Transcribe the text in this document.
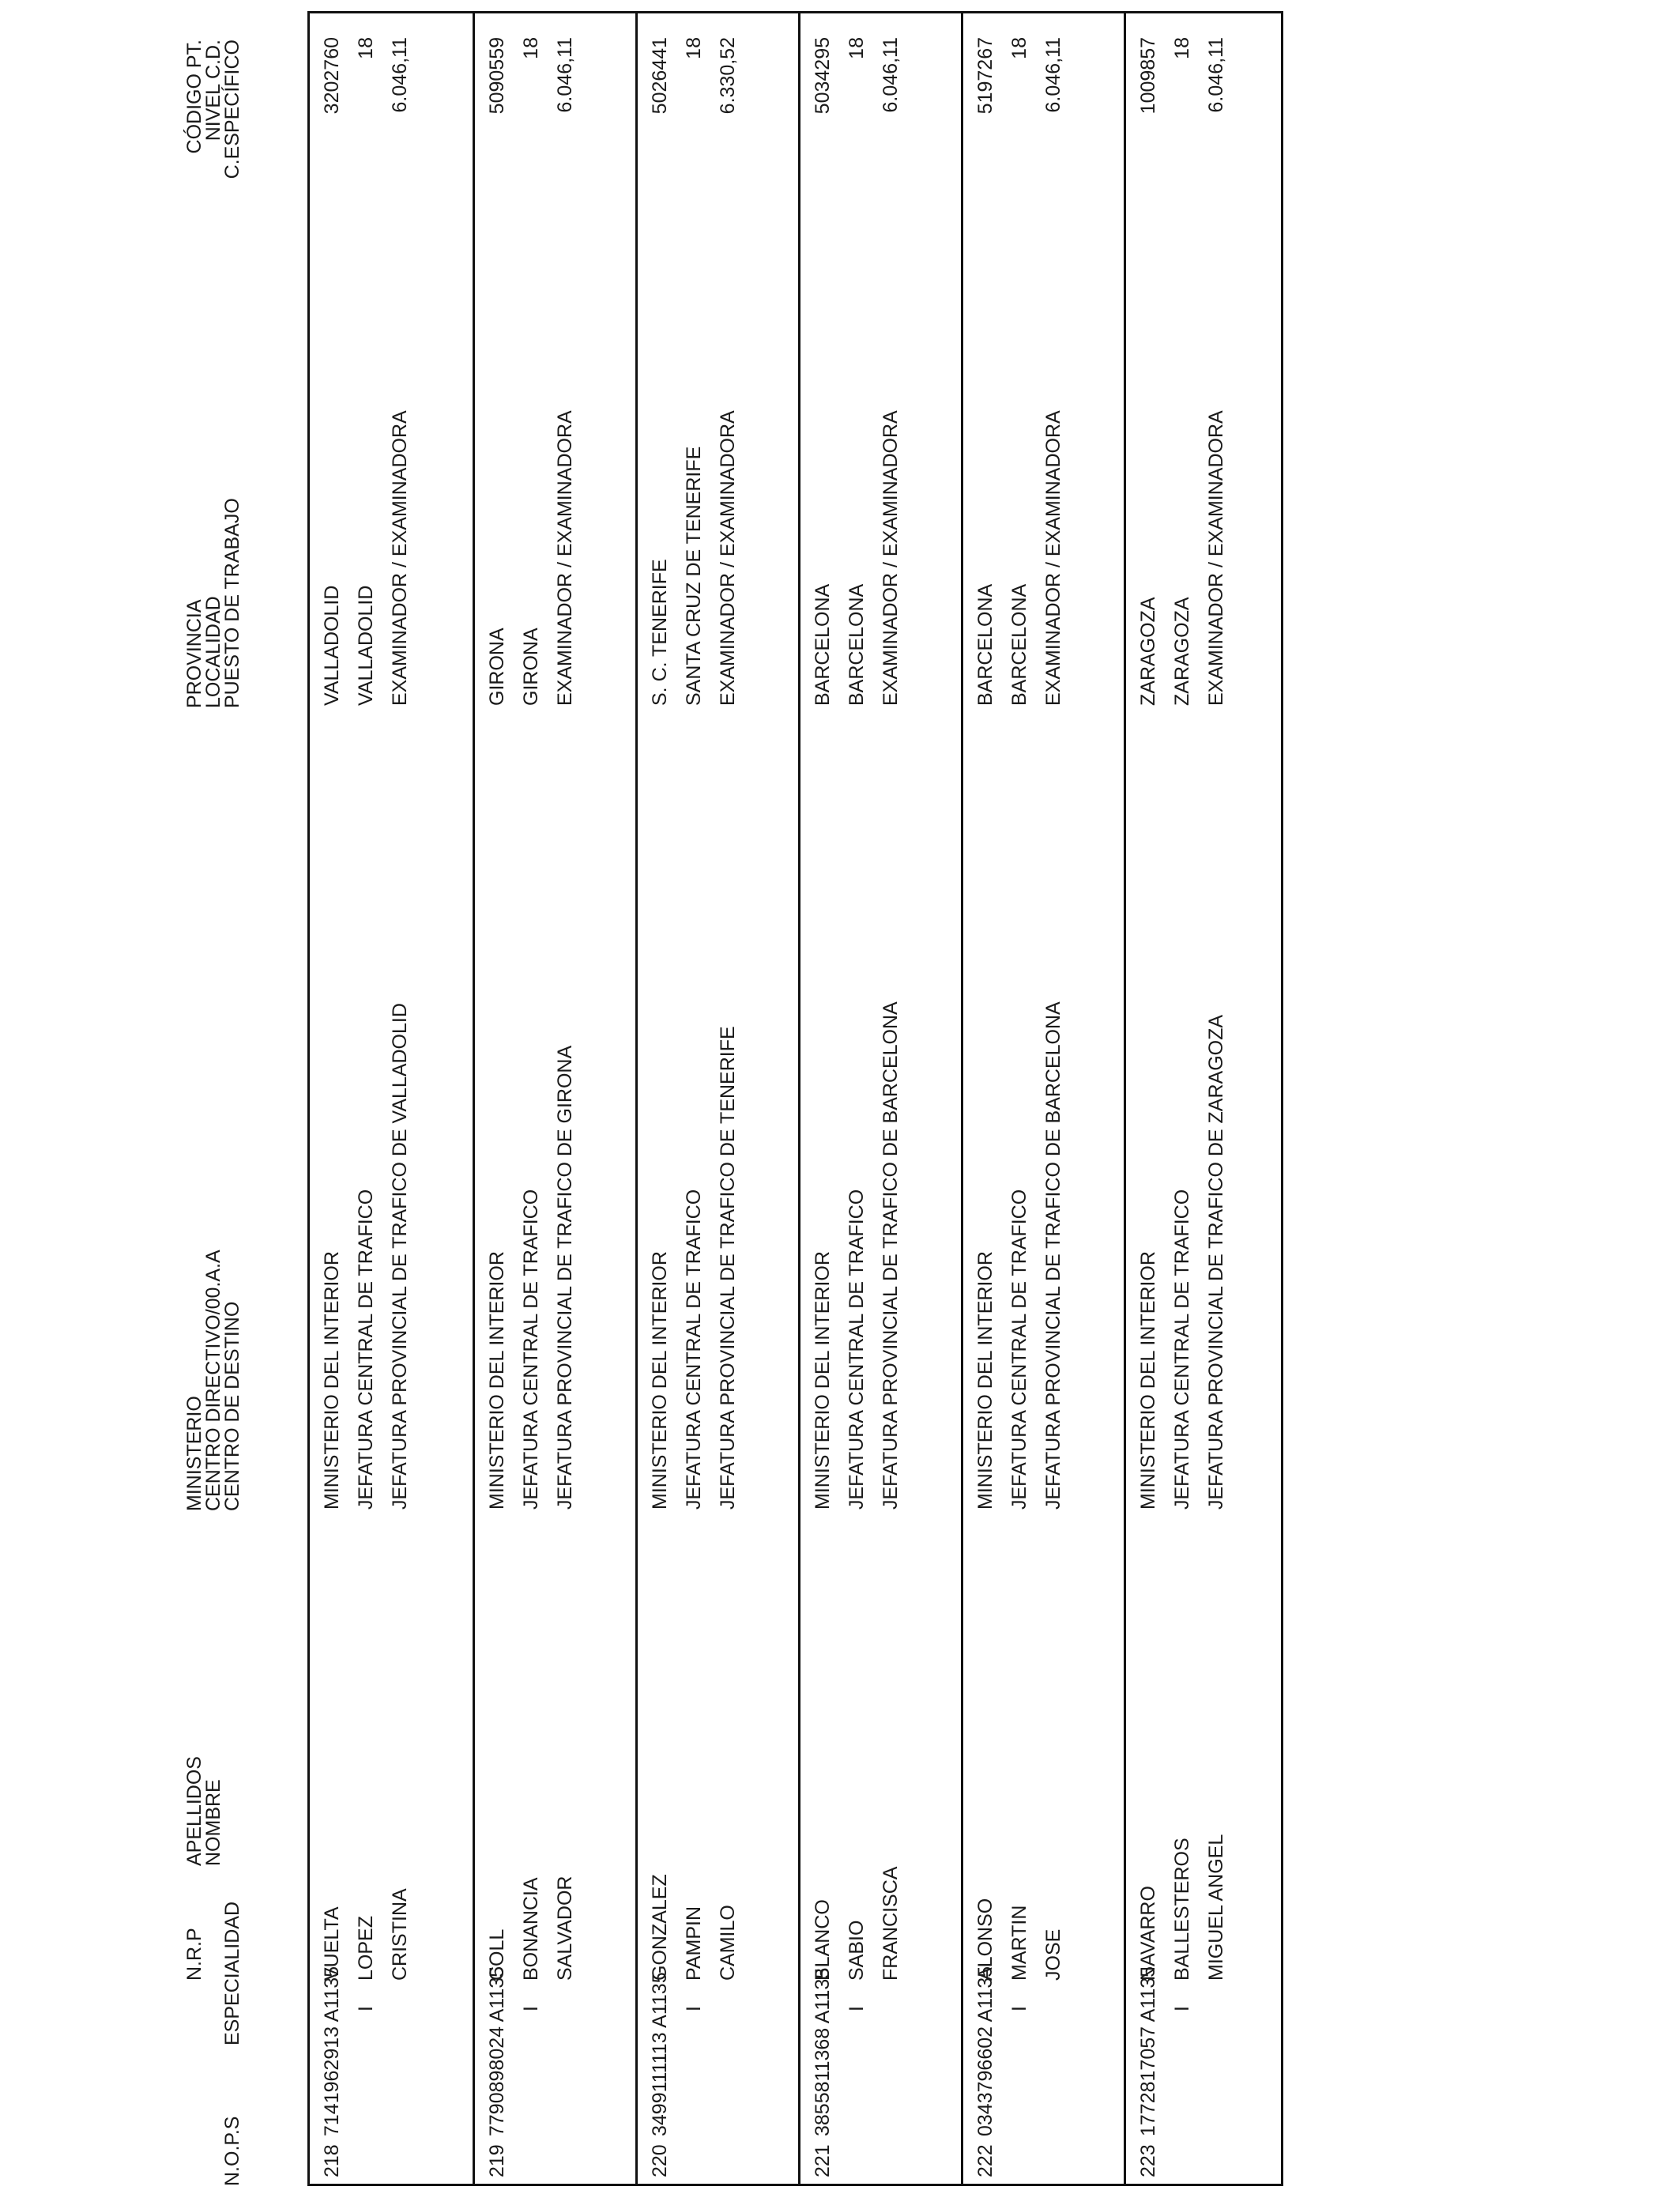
N.O.P.S
N.R.P ESPECIALIDAD
APELLIDOS
NOMBRE
MINISTERIO
CENTRO DIRECTIVO/00.A.A
CENTRO DE DESTINO
PROVINCIA
LOCALIDAD
PUESTO DE TRABAJO
CÓDIGO PT.
NIVEL C.D.
C.ESPECÍFICO
218
7141962913 A1135 I
VUELTA LOPEZ CRISTINA
MINISTERIO DEL INTERIOR JEFATURA CENTRAL DE TRAFICO JEFATURA PROVINCIAL DE TRAFICO DE VALLADOLID
VALLADOLID VALLADOLID EXAMINADOR / EXAMINADORA
3202760 18 6.046,11
219
7790898024 A1135 I
COLL BONANCIA SALVADOR
MINISTERIO DEL INTERIOR JEFATURA CENTRAL DE TRAFICO JEFATURA PROVINCIAL DE TRAFICO DE GIRONA
GIRONA GIRONA EXAMINADOR / EXAMINADORA
5090559 18 6.046,11
220
3499111113 A1135 I
GONZALEZ PAMPIN CAMILO
MINISTERIO DEL INTERIOR JEFATURA CENTRAL DE TRAFICO JEFATURA PROVINCIAL DE TRAFICO DE TENERIFE
S. C. TENERIFE SANTA CRUZ DE TENERIFE EXAMINADOR / EXAMINADORA
5026441 18 6.330,52
221
3855811368 A1135 I
BLANCO SABIO FRANCISCA
MINISTERIO DEL INTERIOR JEFATURA CENTRAL DE TRAFICO JEFATURA PROVINCIAL DE TRAFICO DE BARCELONA
BARCELONA BARCELONA EXAMINADOR / EXAMINADORA
5034295 18 6.046,11
222
0343796602 A1135 I
ALONSO MARTIN JOSE
MINISTERIO DEL INTERIOR JEFATURA CENTRAL DE TRAFICO JEFATURA PROVINCIAL DE TRAFICO DE BARCELONA
BARCELONA BARCELONA EXAMINADOR / EXAMINADORA
5197267 18 6.046,11
223
1772817057 A1135 I
NAVARRO BALLESTEROS MIGUEL ANGEL
MINISTERIO DEL INTERIOR JEFATURA CENTRAL DE TRAFICO JEFATURA PROVINCIAL DE TRAFICO DE ZARAGOZA
ZARAGOZA ZARAGOZA EXAMINADOR / EXAMINADORA
1009857 18 6.046,11
